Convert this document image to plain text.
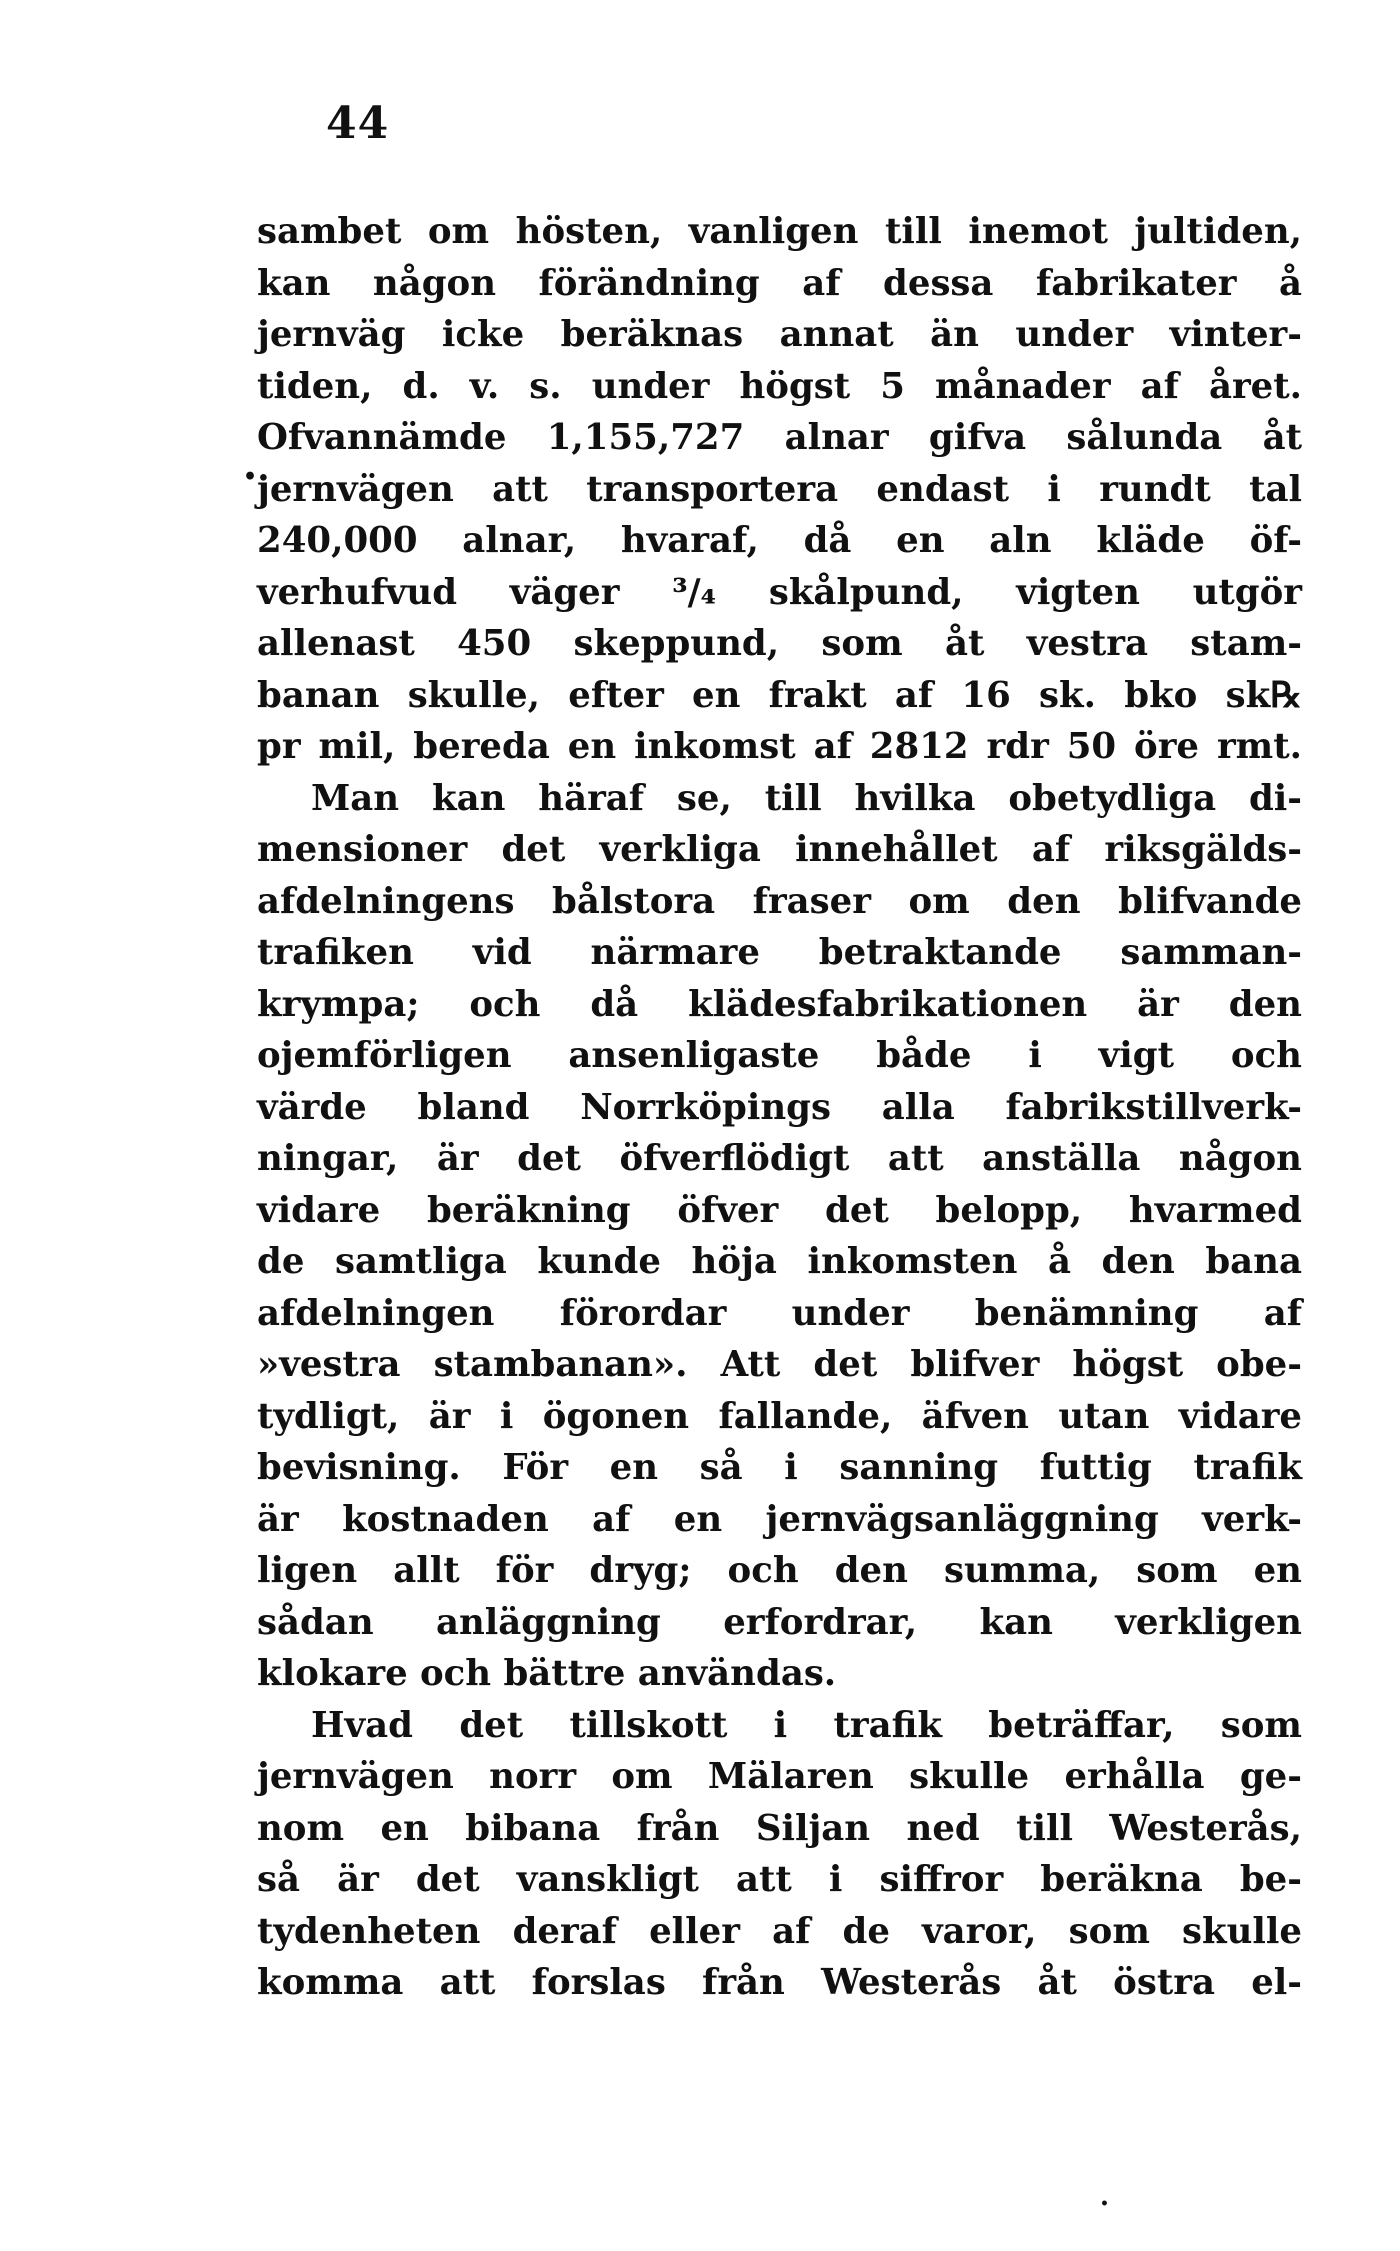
44
•
sambet om hösten, vanligen till inemot jultiden,
kan någon förändning af dessa fabrikater å
jernväg icke beräknas annat än under vinter-
tiden, d. v. s. under högst 5 månader af året.
Ofvannämde 1,155,727 alnar gifva sålunda åt
jernvägen att transportera endast i rundt tal
240,000 alnar, hvaraf, då en aln kläde öf-
verhufvud väger ³/₄ skålpund, vigten utgör
allenast 450 skeppund, som åt vestra stam-
banan skulle, efter en frakt af 16 sk. bko sk℞
pr mil, bereda en inkomst af 2812 rdr 50 öre rmt.
Man kan häraf se, till hvilka obetydliga di-
mensioner det verkliga innehållet af riksgälds-
afdelningens bålstora fraser om den blifvande
trafiken vid närmare betraktande samman-
krympa; och då klädesfabrikationen är den
ojemförligen ansenligaste både i vigt och
värde bland Norrköpings alla fabrikstillverk-
ningar, är det öfverflödigt att anställa någon
vidare beräkning öfver det belopp, hvarmed
de samtliga kunde höja inkomsten å den bana
afdelningen förordar under benämning af
»vestra stambanan». Att det blifver högst obe-
tydligt, är i ögonen fallande, äfven utan vidare
bevisning. För en så i sanning futtig trafik
är kostnaden af en jernvägsanläggning verk-
ligen allt för dryg; och den summa, som en
sådan anläggning erfordrar, kan verkligen
klokare och bättre användas.
Hvad det tillskott i trafik beträffar, som
jernvägen norr om Mälaren skulle erhålla ge-
nom en bibana från Siljan ned till Westerås,
så är det vanskligt att i siffror beräkna be-
tydenheten deraf eller af de varor, som skulle
komma att forslas från Westerås åt östra el-
•
